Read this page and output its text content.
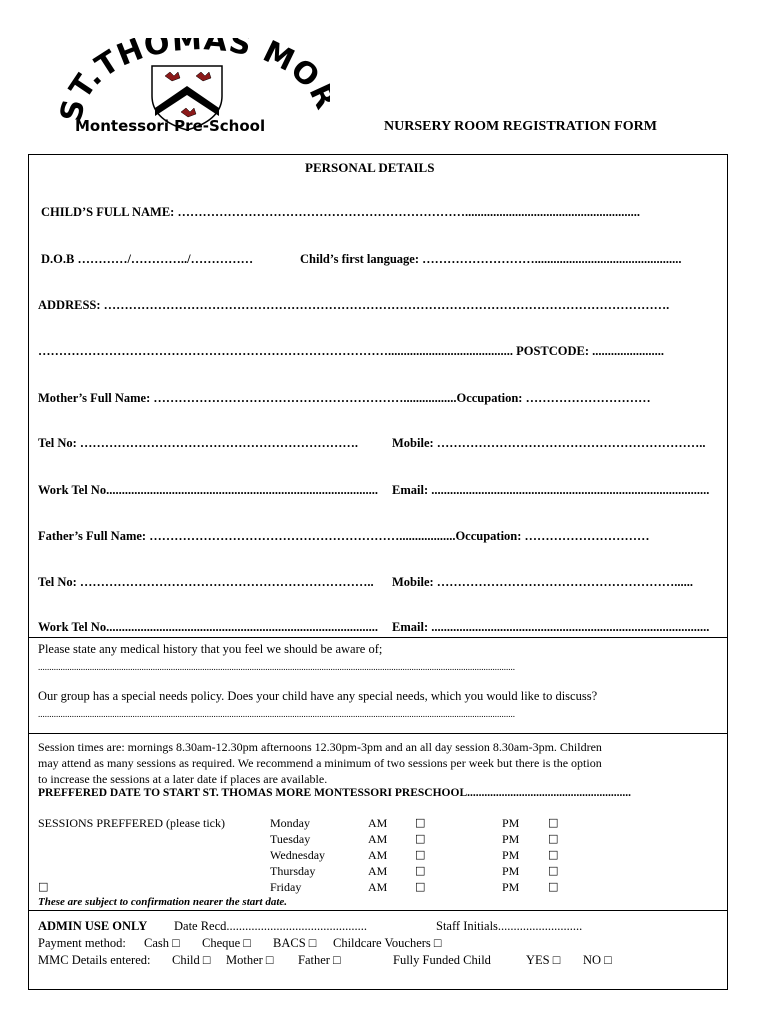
T.THOMAS MO
Montessori Pre-School	NURSERY ROOM REGISTRATION FORM
PERSONAL DETAILS
CHILD’S FULL NAME: ……………………………………………………………........................................................
D.O.B …………/…………../……………	Child’s first language: ………………………...............................................
ADDRESS: ……………………………………………………………………………………………………………………….
…………………………………………………………………………........................................ POSTCODE: .......................
Mother’s Full Name: …………………………………………………….................Occupation: …………………………
Tel No: ………………………………………………………….	Mobile: ………………………………………………………..
Work Tel No....................................................................................... Email: .........................................................................................
Father’s Full Name: ……………………………………………………..................Occupation: …………………………
Tel No: …………………………………………………………….. Mobile: …………………………………………………......
Work Tel No....................................................................................... Email: .........................................................................................
Please state any medical history that you feel we should be aware of;
....................................................................................................................................................................................................................
Our group has a special needs policy. Does your child have any special needs, which you would like to discuss?
....................................................................................................................................................................................................................
Session times are: mornings 8.30am-12.30pm afternoons 12.30pm-3pm and an all day session 8.30am-3pm. Children
may attend as many sessions as required. We recommend a minimum of two sessions per week but there is the option
to increase the sessions at a later date if places are available.
PREFFERED DATE TO START ST. THOMAS MORE MONTESSORI PRESCHOOL.........................................................
SESSIONS PREFFERED (please tick)	Monday	AM	□	PM	□
Tuesday	AM	□	PM	□
Wednesday	AM	□	PM	□
Thursday	AM	□	PM	□
□	Friday	AM	□	PM	□
These are subject to confirmation nearer the start date.
ADMIN USE ONLY Date Recd.............................................	Staff Initials...........................
Payment method: Cash □ Cheque □ BACS □ Childcare Vouchers □
MMC Details entered: Child □ Mother □ Father □	Fully Funded Child	YES □ NO □
